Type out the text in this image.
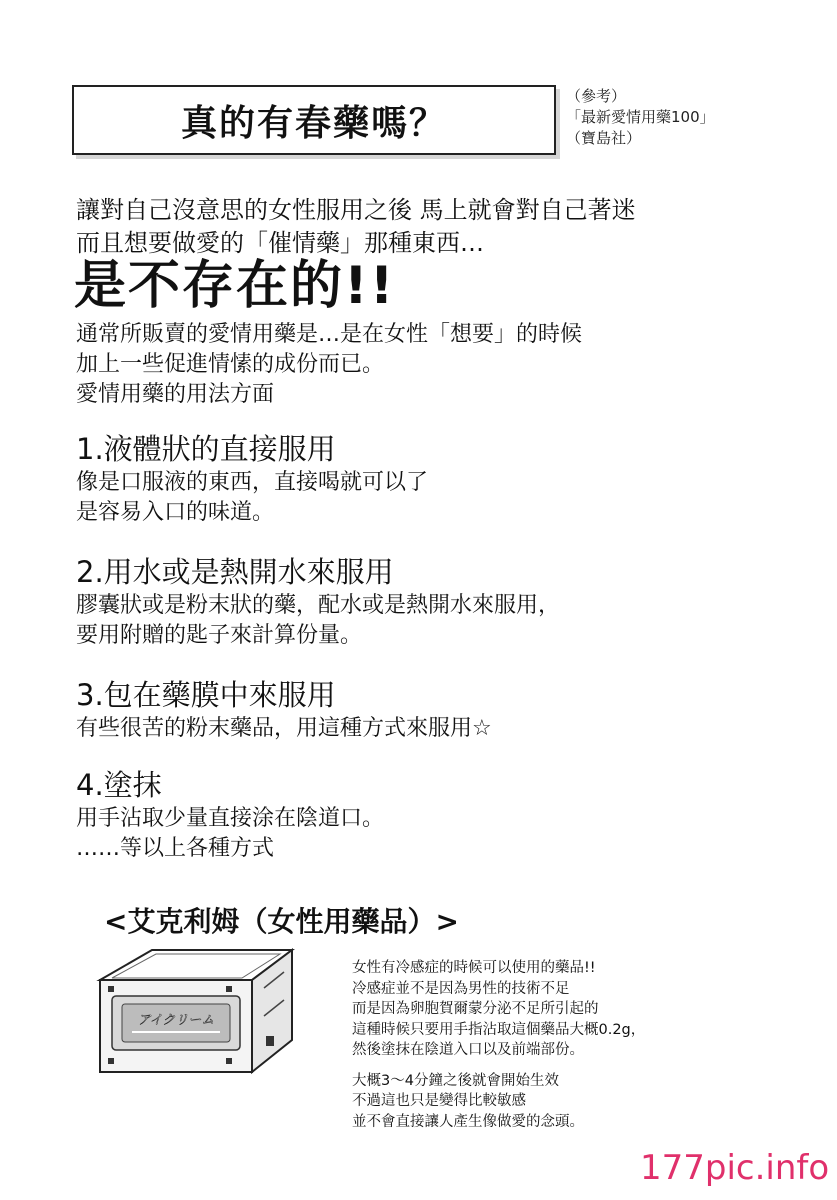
真的有春藥嗎？
（參考）
「最新愛情用藥100」
（寶島社）
讓對自己沒意思的女性服用之後 馬上就會對自己著迷
而且想要做愛的「催情藥」那種東西…
是不存在的!!
通常所販賣的愛情用藥是…是在女性「想要」的時候
加上一些促進情愫的成份而已。
愛情用藥的用法方面
1.液體狀的直接服用
像是口服液的東西，直接喝就可以了
是容易入口的味道。
2.用水或是熱開水來服用
膠囊狀或是粉末狀的藥，配水或是熱開水來服用，
要用附贈的匙子來計算份量。
3.包在藥膜中來服用
有些很苦的粉末藥品，用這種方式來服用☆
4.塗抹
用手沾取少量直接涂在陰道口。
……等以上各種方式
<艾克利姆（女性用藥品）>
アイクリーム
女性有冷感症的時候可以使用的藥品!!
冷感症並不是因為男性的技術不足
而是因為卵胞賀爾蒙分泌不足所引起的
這種時候只要用手指沾取這個藥品大概0.2g，
然後塗抹在陰道入口以及前端部份。
大概3～4分鐘之後就會開始生效
不過這也只是變得比較敏感
並不會直接讓人產生像做愛的念頭。
177pic.info
